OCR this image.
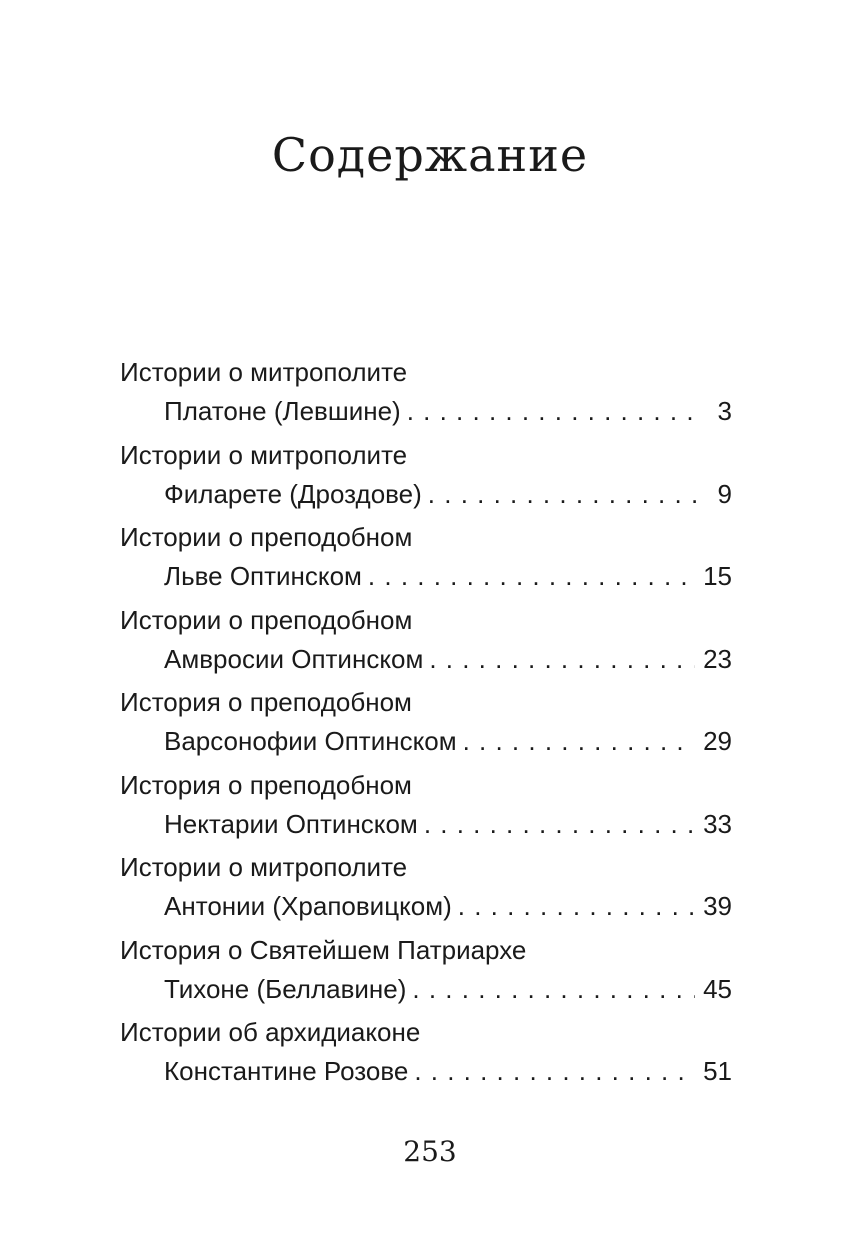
Содержание
Истории о митрополите
Платоне (Левшине) . . .	3
Истории о митрополите
Филарете (Дроздове) . . .	9
Истории о преподобном
Льве Оптинском . . .	15
Истории о преподобном
Амвросии Оптинском . . .	23
История о преподобном
Варсонофии Оптинском . . .	29
История о преподобном
Нектарии Оптинском . . .	33
Истории о митрополите
Антонии (Храповицком) . . .	39
История о Святейшем Патриархе
Тихоне (Беллавине) . . .	45
Истории об архидиаконе
Константине Розове . . .	51
253
